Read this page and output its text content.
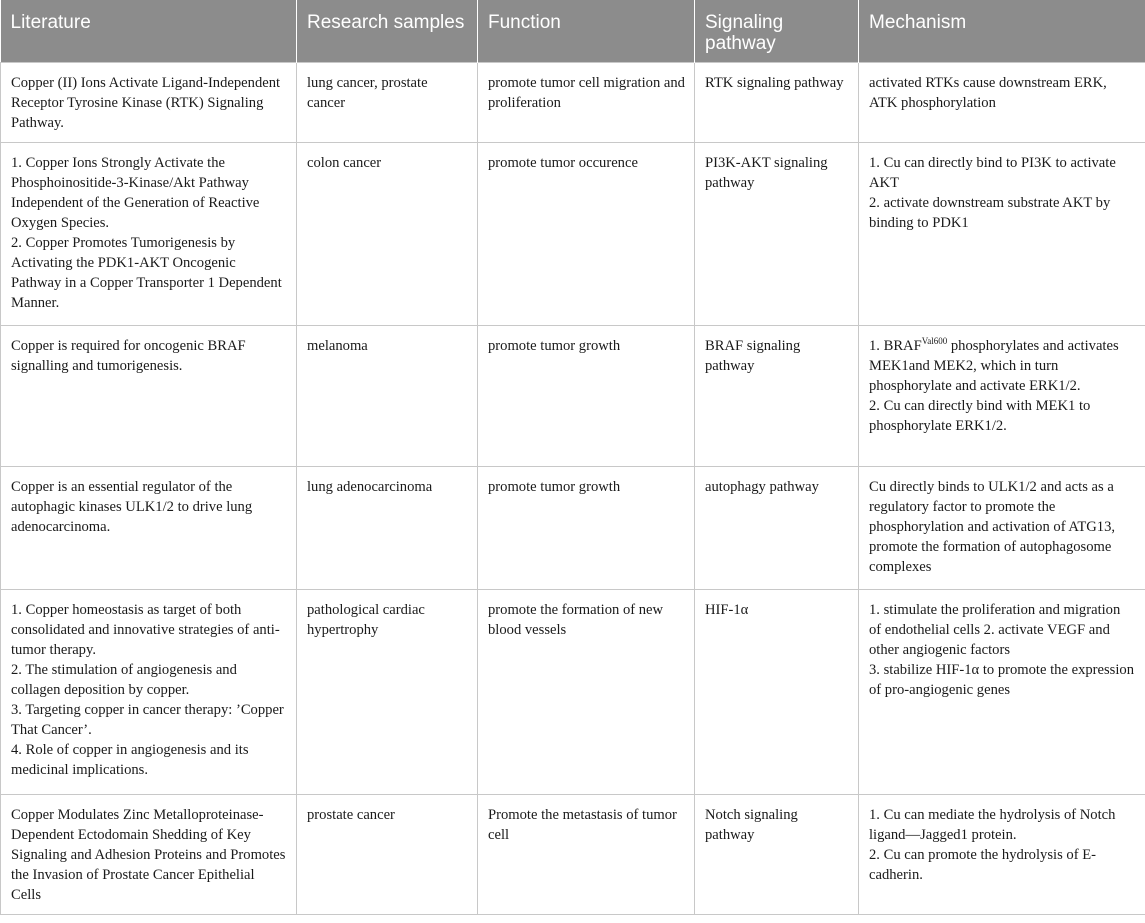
Literature	Research samples	Function	Signaling pathway	Mechanism

Copper (II) Ions Activate Ligand-Independent Receptor Tyrosine Kinase (RTK) Signaling Pathway.	lung cancer, prostate cancer	promote tumor cell migration and proliferation	RTK signaling pathway	activated RTKs cause downstream ERK, ATK phosphorylation

1. Copper Ions Strongly Activate the Phosphoinositide-3-Kinase/Akt Pathway Independent of the Generation of Reactive Oxygen Species.
2. Copper Promotes Tumorigenesis by Activating the PDK1-AKT Oncogenic Pathway in a Copper Transporter 1 Dependent Manner.	colon cancer	promote tumor occurence	PI3K-AKT signaling pathway	1. Cu can directly bind to PI3K to activate AKT
2. activate downstream substrate AKT by binding to PDK1

Copper is required for oncogenic BRAF signalling and tumorigenesis.	melanoma	promote tumor growth	BRAF signaling pathway	1. $BRAF^{Val600}$ phosphorylates and activates MEK1and MEK2, which in turn phosphorylate and activate ERK1/2.
2. Cu can directly bind with MEK1 to phosphorylate ERK1/2.

Copper is an essential regulator of the autophagic kinases ULK1/2 to drive lung adenocarcinoma.	lung adenocarcinoma	promote tumor growth	autophagy pathway	Cu directly binds to ULK1/2 and acts as a regulatory factor to promote the phosphorylation and activation of ATG13, promote the formation of autophagosome complexes

1. Copper homeostasis as target of both consolidated and innovative strategies of anti-tumor therapy.
2. The stimulation of angiogenesis and collagen deposition by copper.
3. Targeting copper in cancer therapy: ’Copper That Cancer’.
4. Role of copper in angiogenesis and its medicinal implications.	pathological cardiac hypertrophy	promote the formation of new blood vessels	HIF-1α	1. stimulate the proliferation and migration of endothelial cells 2. activate VEGF and other angiogenic factors
3. stabilize HIF-1α to promote the expression of pro-angiogenic genes

Copper Modulates Zinc Metalloproteinase-Dependent Ectodomain Shedding of Key Signaling and Adhesion Proteins and Promotes the Invasion of Prostate Cancer Epithelial Cells	prostate cancer	Promote the metastasis of tumor cell	Notch signaling pathway	1. Cu can mediate the hydrolysis of Notch ligand—Jagged1 protein.
2. Cu can promote the hydrolysis of E-cadherin.
